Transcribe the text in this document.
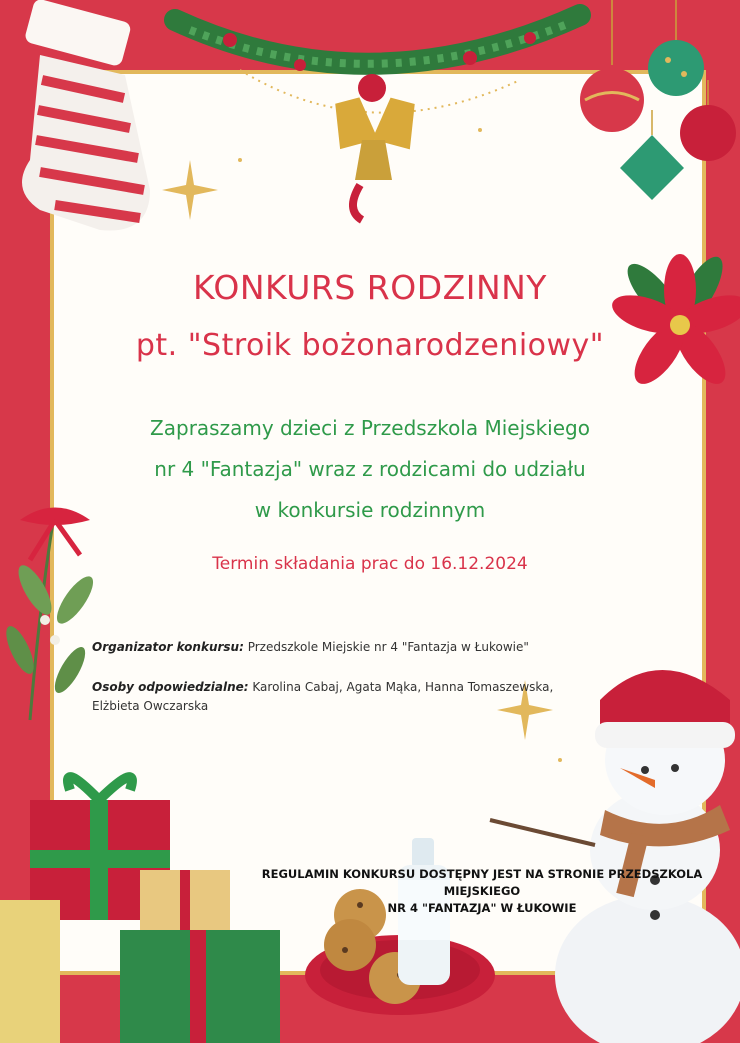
KONKURS RODZINNY
pt. "Stroik bożonarodzeniowy"
Zapraszamy dzieci z Przedszkola Miejskiego
nr 4 "Fantazja" wraz z rodzicami do udziału
w konkursie rodzinnym
Termin składania prac do 16.12.2024
Organizator konkursu: Przedszkole Miejskie nr 4 "Fantazja w Łukowie"
Osoby odpowiedzialne: Karolina Cabaj, Agata Mąka, Hanna Tomaszewska, Elżbieta Owczarska
REGULAMIN KONKURSU DOSTĘPNY JEST NA STRONIE PRZEDSZKOLA MIEJSKIEGO
NR 4 "FANTAZJA" W ŁUKOWIE
